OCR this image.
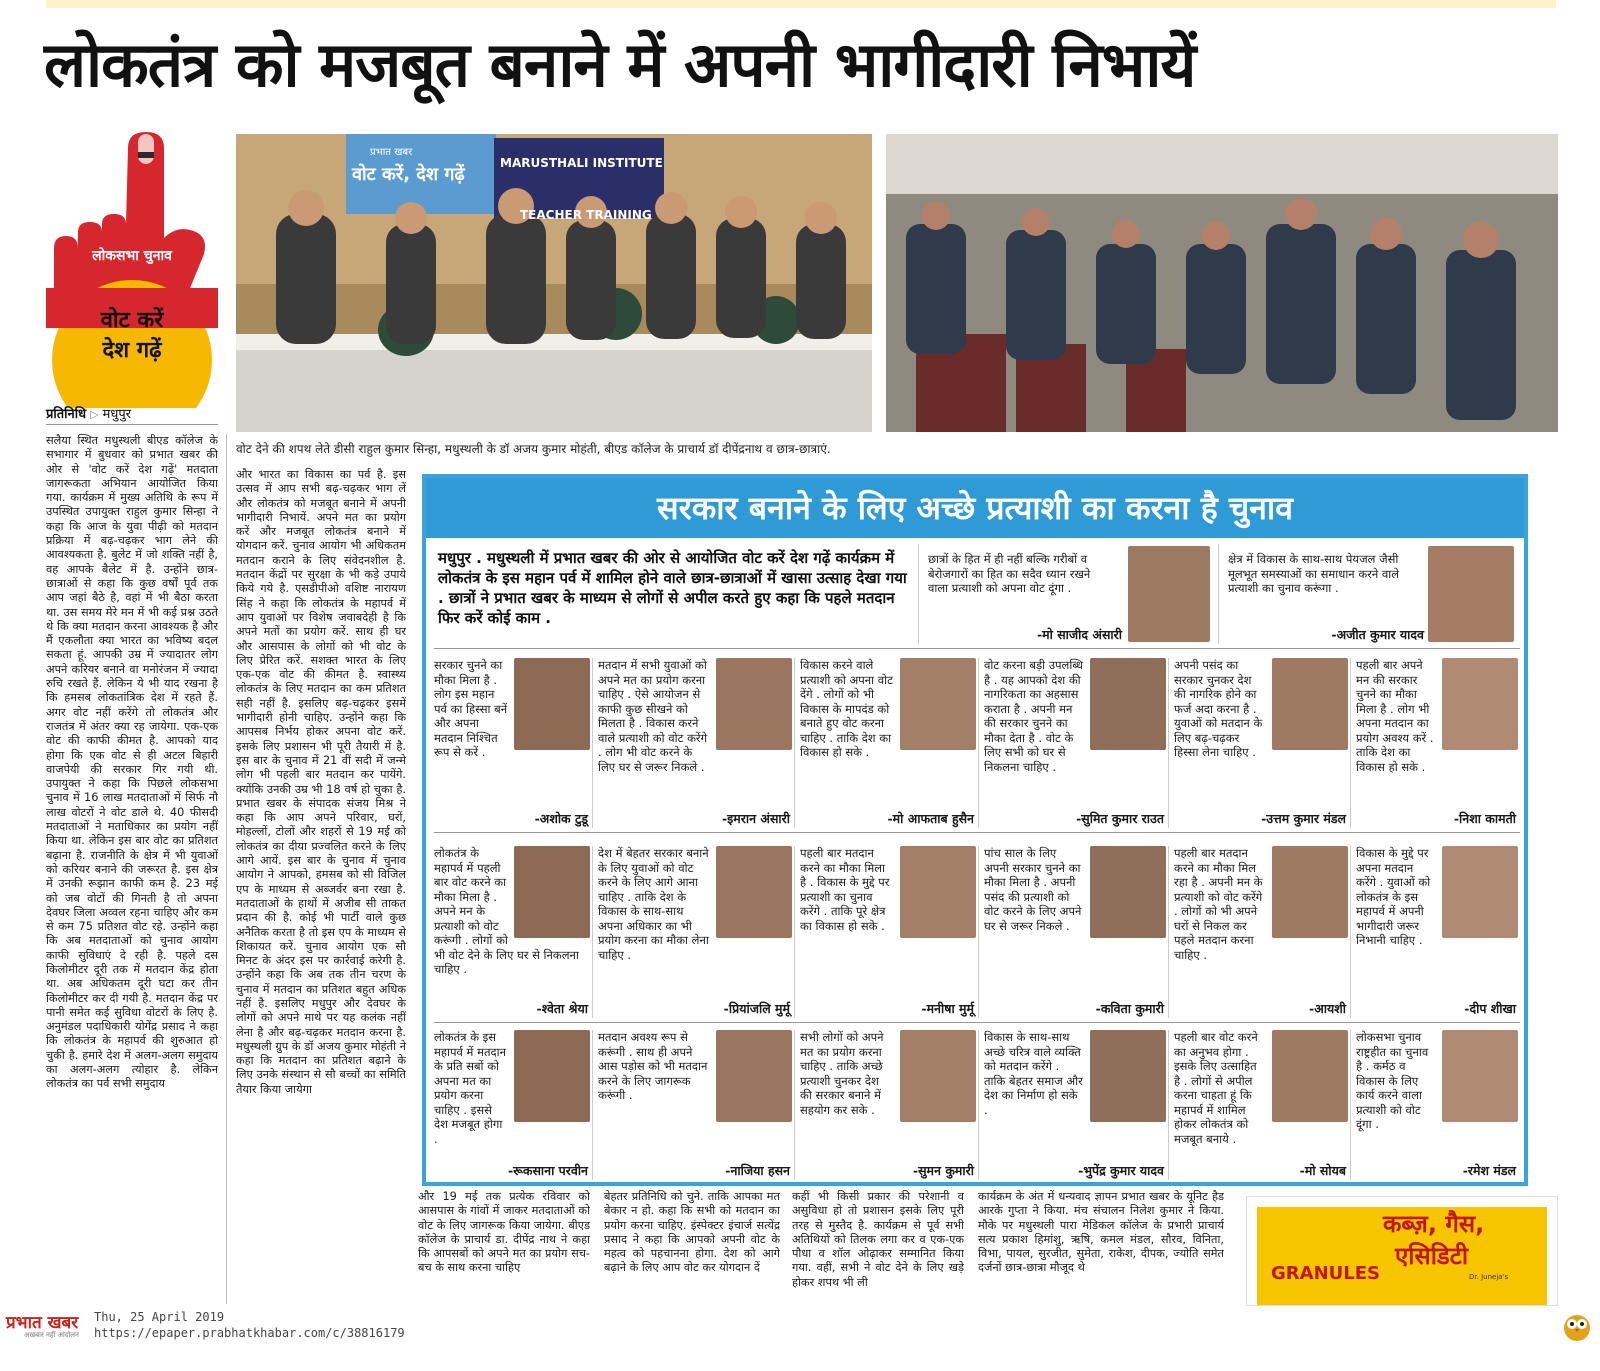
लोकतंत्र को मजबूत बनाने में अपनी भागीदारी निभायें
लोकसभा चुनाव
वोट करें
देश गढ़ें
प्रतिनिधि ▷ मधुपुर
प्रभात खबर
वोट करें, देश गढ़ें
MARUSTHALI INSTITUTE
TEACHER TRAINING
वोट देने की शपथ लेते डीसी राहुल कुमार सिन्हा, मधुस्थली के डॉ अजय कुमार मोहंती, बीएड कॉलेज के प्राचार्य डॉ दीपेंद्रनाथ व छात्र-छात्राएं.
सलैया स्थित मधुस्थली बीएड कॉलेज के सभागार में बुधवार को प्रभात खबर की ओर से 'वोट करें देश गढ़ें' मतदाता जागरूकता अभियान आयोजित किया गया. कार्यक्रम में मुख्य अतिथि के रूप में उपस्थित उपायुक्त राहुल कुमार सिन्हा ने कहा कि आज के युवा पीढ़ी को मतदान प्रक्रिया में बढ़-चढ़कर भाग लेने की आवश्यकता है. बुलेट में जो शक्ति नहीं है, वह आपके बैलेट में है. उन्होंने छात्र-छात्राओं से कहा कि कुछ वर्षों पूर्व तक आप जहां बैठे है, वहां में भी बैठा करता था. उस समय मेरे मन में भी कई प्रश्न उठते थे कि क्या मतदान करना आवश्यक है और मैं एकलौता क्या भारत का भविष्य बदल सकता हूं. आपकी उम्र में ज्यादातर लोग अपने करियर बनाने वा मनोरंजन में ज्यादा रुचि रखते हैं. लेकिन ये भी याद रखना है कि हमसब लोकतांत्रिक देश में रहते हैं. अगर वोट नहीं करेंगे तो लोकतंत्र और राजतंत्र में अंतर क्या रह जायेगा. एक-एक वोट की काफी कीमत है. आपको याद होगा कि एक वोट से ही अटल बिहारी वाजपेयी की सरकार गिर गयी थी. उपायुक्त ने कहा कि पिछले लोकसभा चुनाव में 16 लाख मतदाताओं में सिर्फ नौ लाख वोटरों ने वोट डाले थे. 40 फीसदी मतदाताओं ने मताधिकार का प्रयोग नहीं किया था. लेकिन इस बार वोट का प्रतिशत बढ़ाना है. राजनीति के क्षेत्र में भी युवाओं को करियर बनाने की जरूरत है. इस क्षेत्र में उनकी रूझान काफी कम है. 23 मई को जब वोटों की गिनती है तो अपना देवघर जिला अव्वल रहना चाहिए और कम से कम 75 प्रतिशत वोट रहे. उन्होंने कहा कि अब मतदाताओं को चुनाव आयोग काफी सुविधाएं दे रही है. पहले दस किलोमीटर दूरी तक में मतदान केंद्र होता था. अब अधिकतम दूरी घटा कर तीन किलोमीटर कर दी गयी है. मतदान केंद्र पर पानी समेत कई सुविधा वोटरों के लिए है. अनुमंडल पदाधिकारी योगेंद्र प्रसाद ने कहा कि लोकतंत्र के महापर्व की शुरुआत हो चुकी है. हमारे देश में अलग-अलग समुदाय का अलग-अलग त्योहार है. लेकिन लोकतंत्र का पर्व सभी समुदाय
और भारत का विकास का पर्व है. इस उत्सव में आप सभी बढ़-चढ़कर भाग लें और लोकतंत्र को मजबूत बनाने में अपनी भागीदारी निभायें. अपने मत का प्रयोग करें और मजबूत लोकतंत्र बनाने में योगदान करें. चुनाव आयोग भी अधिकतम मतदान कराने के लिए संवेदनशील है. मतदान केंद्रों पर सुरक्षा के भी कड़े उपाये किये गये है. एसडीपीओ वशिष्ट नारायण सिंह ने कहा कि लोकतंत्र के महापर्व में आप युवाओं पर विशेष जवाबदेही है कि अपने मतों का प्रयोग करें. साथ ही घर और आसपास के लोगों को भी वोट के लिए प्रेरित करें. सशक्त भारत के लिए एक-एक वोट की कीमत है. स्वास्थ्य लोकतंत्र के लिए मतदान का कम प्रतिशत सही नहीं है. इसलिए बढ़-चढ़कर इसमें भागीदारी होनी चाहिए. उन्होंने कहा कि आपसब निर्भय होकर अपना वोट करें. इसके लिए प्रशासन भी पूरी तैयारी में है. इस बार के चुनाव में 21 वीं सदी में जन्मे लोग भी पहली बार मतदान कर पायेंगे. क्योंकि उनकी उम्र भी 18 वर्ष हो चुका है. प्रभात खबर के संपादक संजय मिश्र ने कहा कि आप अपने परिवार, घरों, मोहल्लों, टोलों और शहरों से 19 मई को लोकतंत्र का दीया प्रज्वलित करने के लिए आगे आयें. इस बार के चुनाव में चुनाव आयोग ने आपको, हमसब को सी विजिल एप के माध्यम से अब्जर्वर बना रखा है. मतदाताओं के हाथों में अजीब सी ताकत प्रदान की है. कोई भी पार्टी वाले कुछ अनैतिक करता है तो इस एप के माध्यम से शिकायत करें. चुनाव आयोग एक सौ मिनट के अंदर इस पर कार्रवाई करेगी है. उन्होंने कहा कि अब तक तीन चरण के चुनाव में मतदान का प्रतिशत बहुत अधिक नहीं है. इसलिए मधुपुर और देवघर के लोगों को अपने माथे पर यह कलंक नहीं लेना है और बढ़-चढ़कर मतदान करना है. मधुस्थली ग्रुप के डॉ अजय कुमार मोहंती ने कहा कि मतदान का प्रतिशत बढ़ाने के लिए उनके संस्थान से सौ बच्चों का समिति तैयार किया जायेगा
सरकार बनाने के लिए अच्छे प्रत्याशी का करना है चुनाव
मधुपुर . मधुस्थली में प्रभात खबर की ओर से आयोजित वोट करें देश गढ़ें कार्यक्रम में लोकतंत्र के इस महान पर्व में शामिल होने वाले छात्र-छात्राओं में खासा उत्साह देखा गया . छात्रों ने प्रभात खबर के माध्यम से लोगों से अपील करते हुए कहा कि पहले मतदान फिर करें कोई काम .
छात्रों के हित में ही नहीं बल्कि गरीबों व बेरोजगारों का हित का सदैव ध्यान रखने वाला प्रत्याशी को अपना वोट दूंगा .
-मो साजीद अंसारी
क्षेत्र में विकास के साथ-साथ पेयजल जैसी मूलभूत समस्याओं का समाधान करने वाले प्रत्याशी का चुनाव करूंगा .
-अजीत कुमार यादव
सरकार चुनने का मौका मिला है . लोग इस महान पर्व का हिस्सा बनें और अपना मतदान निश्चित रूप से करें .
-अशोक टुडू
मतदान में सभी युवाओं को अपने मत का प्रयोग करना चाहिए . ऐसे आयोजन से काफी कुछ सीखने को मिलता है . विकास करने वाले प्रत्याशी को वोट करेंगे . लोग भी वोट करने के लिए घर से जरूर निकले .
-इमरान अंसारी
विकास करने वाले प्रत्याशी को अपना वोट देंगे . लोगों को भी विकास के मापदंड को बनाते हुए वोट करना चाहिए . ताकि देश का विकास हो सके .
-मो आफताब हुसैन
वोट करना बड़ी उपलब्धि है . यह आपको देश की नागरिकता का अहसास कराता है . अपनी मन की सरकार चुनने का मौका देता है . वोट के लिए सभी को घर से निकलना चाहिए .
-सुमित कुमार राउत
अपनी पसंद का सरकार चुनकर देश की नागरिक होने का फर्ज अदा करना है . युवाओं को मतदान के लिए बढ़-चढ़कर हिस्सा लेना चाहिए .
-उत्तम कुमार मंडल
पहली बार अपने मन की सरकार चुनने का मौका मिला है . लोग भी अपना मतदान का प्रयोग अवश्य करें . ताकि देश का विकास हो सके .
-निशा कामती
लोकतंत्र के महापर्व में पहली बार वोट करने का मौका मिला है . अपने मन के प्रत्याशी को वोट करूंगी . लोगों को भी वोट देने के लिए घर से निकलना चाहिए .
-श्वेता श्रेया
देश में बेहतर सरकार बनाने के लिए युवाओं को वोट करने के लिए आगे आना चाहिए . ताकि देश के विकास के साथ-साथ अपना अधिकार का भी प्रयोग करना का मौका लेना चाहिए .
-प्रियांजलि मुर्मू
पहली बार मतदान करने का मौका मिला है . विकास के मुद्दे पर प्रत्याशी का चुनाव करेंगे . ताकि पूरे क्षेत्र का विकास हो सके .
-मनीषा मुर्मू
पांच साल के लिए अपनी सरकार चुनने का मौका मिला है . अपनी पसंद की प्रत्याशी को वोट करने के लिए अपने घर से जरूर निकले .
-कविता कुमारी
पहली बार मतदान करने का मौका मिल रहा है . अपनी मन के प्रत्याशी को वोट करेंगे . लोगों को भी अपने घरों से निकल कर पहले मतदान करना चाहिए .
-आयशी
विकास के मुद्दे पर अपना मतदान करेंगे . युवाओं को लोकतंत्र के इस महापर्व में अपनी भागीदारी जरूर निभानी चाहिए .
-दीप शीखा
लोकतंत्र के इस महापर्व में मतदान के प्रति सबों को अपना मत का प्रयोग करना चाहिए . इससे देश मजबूत होगा .
-रूकसाना परवीन
मतदान अवश्य रूप से करूंगी . साथ ही अपने आस पड़ोस को भी मतदान करने के लिए जागरूक करूंगी .
-नाजिया हसन
सभी लोगों को अपने मत का प्रयोग करना चाहिए . ताकि अच्छे प्रत्याशी चुनकर देश की सरकार बनाने में सहयोग कर सके .
-सुमन कुमारी
विकास के साथ-साथ अच्छे चरित्र वाले व्यक्ति को मतदान करेंगे . ताकि बेहतर समाज और देश का निर्माण हो सके .
-भुपेंद्र कुमार यादव
पहली बार वोट करने का अनुभव होगा . इसके लिए उत्साहित है . लोगों से अपील करना चाहता हूं कि महापर्व में शामिल होकर लोकतंत्र को मजबूत बनाये .
-मो सोयब
लोकसभा चुनाव राष्ट्रहीत का चुनाव है . कर्मठ व विकास के लिए कार्य करने वाला प्रत्याशी को वोट दूंगा .
-रमेश मंडल
और 19 मई तक प्रत्येक रविवार को आसपास के गांवों में जाकर मतदाताओं को वोट के लिए जागरूक किया जायेगा. बीएड कॉलेज के प्राचार्य डा. दीपेंद्र नाथ ने कहा कि आपसबों को अपने मत का प्रयोग सच-बच के साथ करना चाहिए
बेहतर प्रतिनिधि को चुने. ताकि आपका मत बेकार न हो. कहा कि सभी को मतदान का प्रयोग करना चाहिए. इंस्पेक्टर इंचार्ज सत्येंद्र प्रसाद ने कहा कि आपको अपनी वोट के महत्व को पहचानना होगा. देश को आगे बढ़ाने के लिए आप वोट कर योगदान दें
कहीं भी किसी प्रकार की परेशानी व असुविधा हो तो प्रशासन इसके लिए पूरी तरह से मुस्तैद है. कार्यक्रम से पूर्व सभी अतिथियों को तिलक लगा कर व एक-एक पौधा व शॉल ओढ़ाकर सम्मानित किया गया. वहीं, सभी ने वोट देने के लिए खड़े होकर शपथ भी ली
कार्यक्रम के अंत में धन्यवाद ज्ञापन प्रभात खबर के यूनिट हैड आरके गुप्ता ने किया. मंच संचालन निलेश कुमार ने किया. मौके पर मधुस्थली पारा मेडिकल कॉलेज के प्रभारी प्राचार्य सत्य प्रकाश हिमांशु, ऋषि, कमल मंडल, सौरव, विनिता, विभा, पायल, सुरजीत, सुमेता, राकेश, दीपक, ज्योति समेत दर्जनों छात्र-छात्रा मौजूद थे
कब्ज़, गैस,
एसिडिटी
GRANULES	Dr. Juneja's
प्रभात खबर
अख़बार नहीं आंदोलन
Thu, 25 April 2019
https://epaper.prabhatkhabar.com/c/38816179
